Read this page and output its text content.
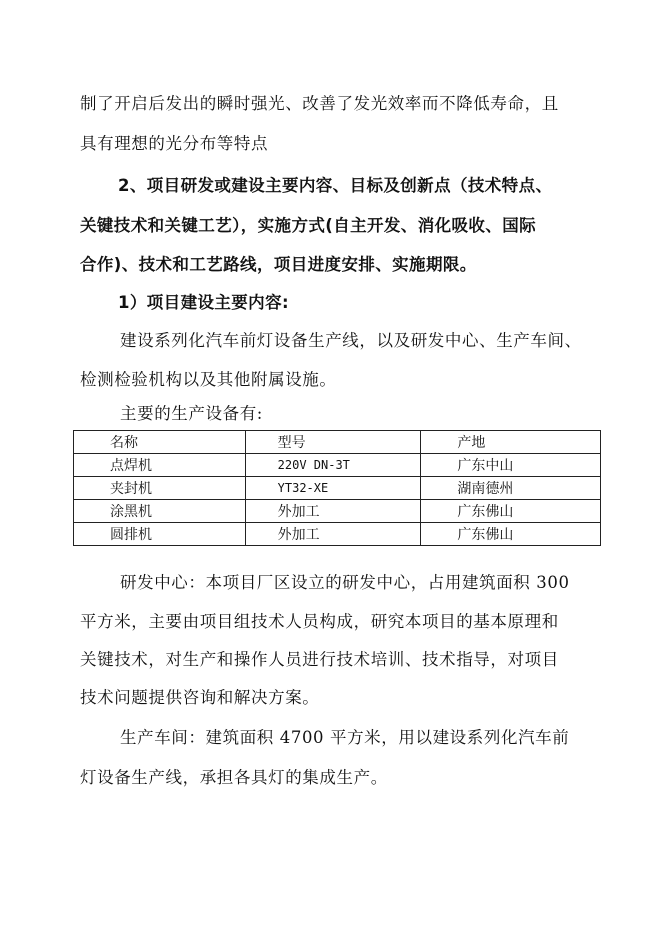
制了开启后发出的瞬时强光、改善了发光效率而不降低寿命，且
具有理想的光分布等特点
2、项目研发或建设主要内容、目标及创新点（技术特点、
关键技术和关键工艺），实施方式(自主开发、消化吸收、国际
合作)、技术和工艺路线，项目进度安排、实施期限。
1）项目建设主要内容:
建设系列化汽车前灯设备生产线，以及研发中心、生产车间、
检测检验机构以及其他附属设施。
主要的生产设备有:
名称	型号	产地
点焊机	220V DN-3T	广东中山
夹封机	YT32-XE	湖南德州
涂黑机	外加工	广东佛山
圆排机	外加工	广东佛山
研发中心：本项目厂区设立的研发中心，占用建筑面积 300
平方米，主要由项目组技术人员构成，研究本项目的基本原理和
关键技术，对生产和操作人员进行技术培训、技术指导，对项目
技术问题提供咨询和解决方案。
生产车间：建筑面积 4700 平方米，用以建设系列化汽车前
灯设备生产线，承担各具灯的集成生产。
